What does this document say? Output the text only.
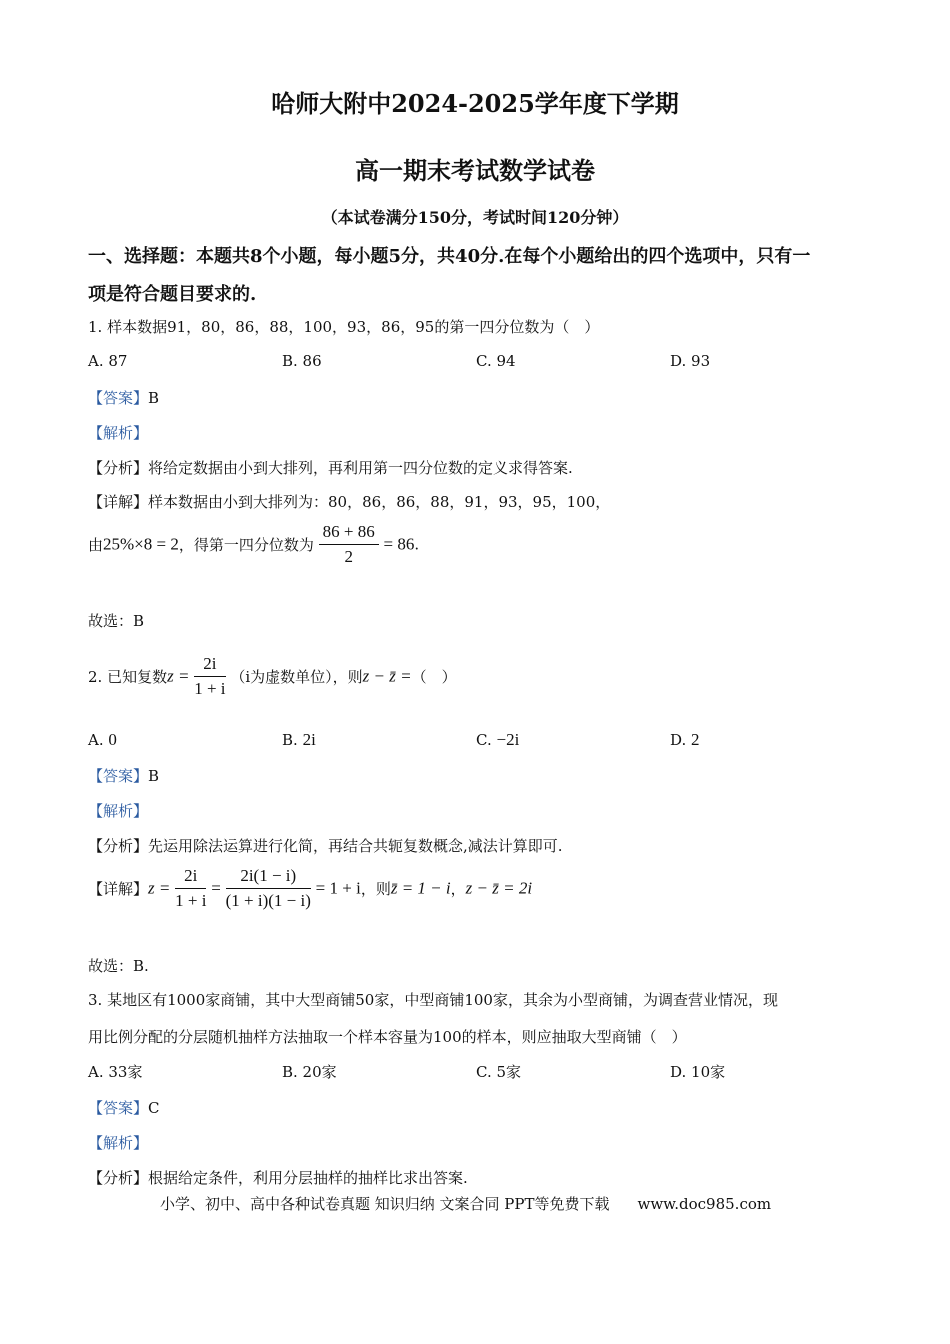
哈师大附中2024-2025学年度下学期
高一期末考试数学试卷
（本试卷满分150分，考试时间120分钟）
一、选择题：本题共8个小题，每小题5分，共40分.在每个小题给出的四个选项中，只有一
项是符合题目要求的.
1. 样本数据91，80，86，88，100，93，86，95的第一四分位数为（　）
A. 87	B. 86	C. 94	D. 93
【答案】B
【解析】
【分析】将给定数据由小到大排列，再利用第一四分位数的定义求得答案.
【详解】样本数据由小到大排列为：80，86，86，88，91，93，95，100，
由25%×8 = 2，得第一四分位数为 $\frac{86 + 86}{2} = 86$.
故选：B
2. 已知复数$z = \frac{2i}{1 + i} (i$为虚数单位），则z − z̄ =（　）
A. 0	B. 2i	C. −2i	D. 2
【答案】B
【解析】
【分析】先运用除法运算进行化简，再结合共轭复数概念,减法计算即可.
【详解】$z = \frac{2i}{1 + i} = \frac{2i(1 - i)}{(1 + i)(1 - i)} = 1 + i$，则z̄ = 1 − i，z − z̄ = 2i
故选：B.
3. 某地区有1000家商铺，其中大型商铺50家，中型商铺100家，其余为小型商铺，为调查营业情况，现
用比例分配的分层随机抽样方法抽取一个样本容量为100的样本，则应抽取大型商铺（　）
A. 33家	B. 20家	C. 5家	D. 10家
【答案】C
【解析】
【分析】根据给定条件，利用分层抽样的抽样比求出答案.
小学、初中、高中各种试卷真题 知识归纳 文案合同 PPT等免费下载 www.doc985.com
